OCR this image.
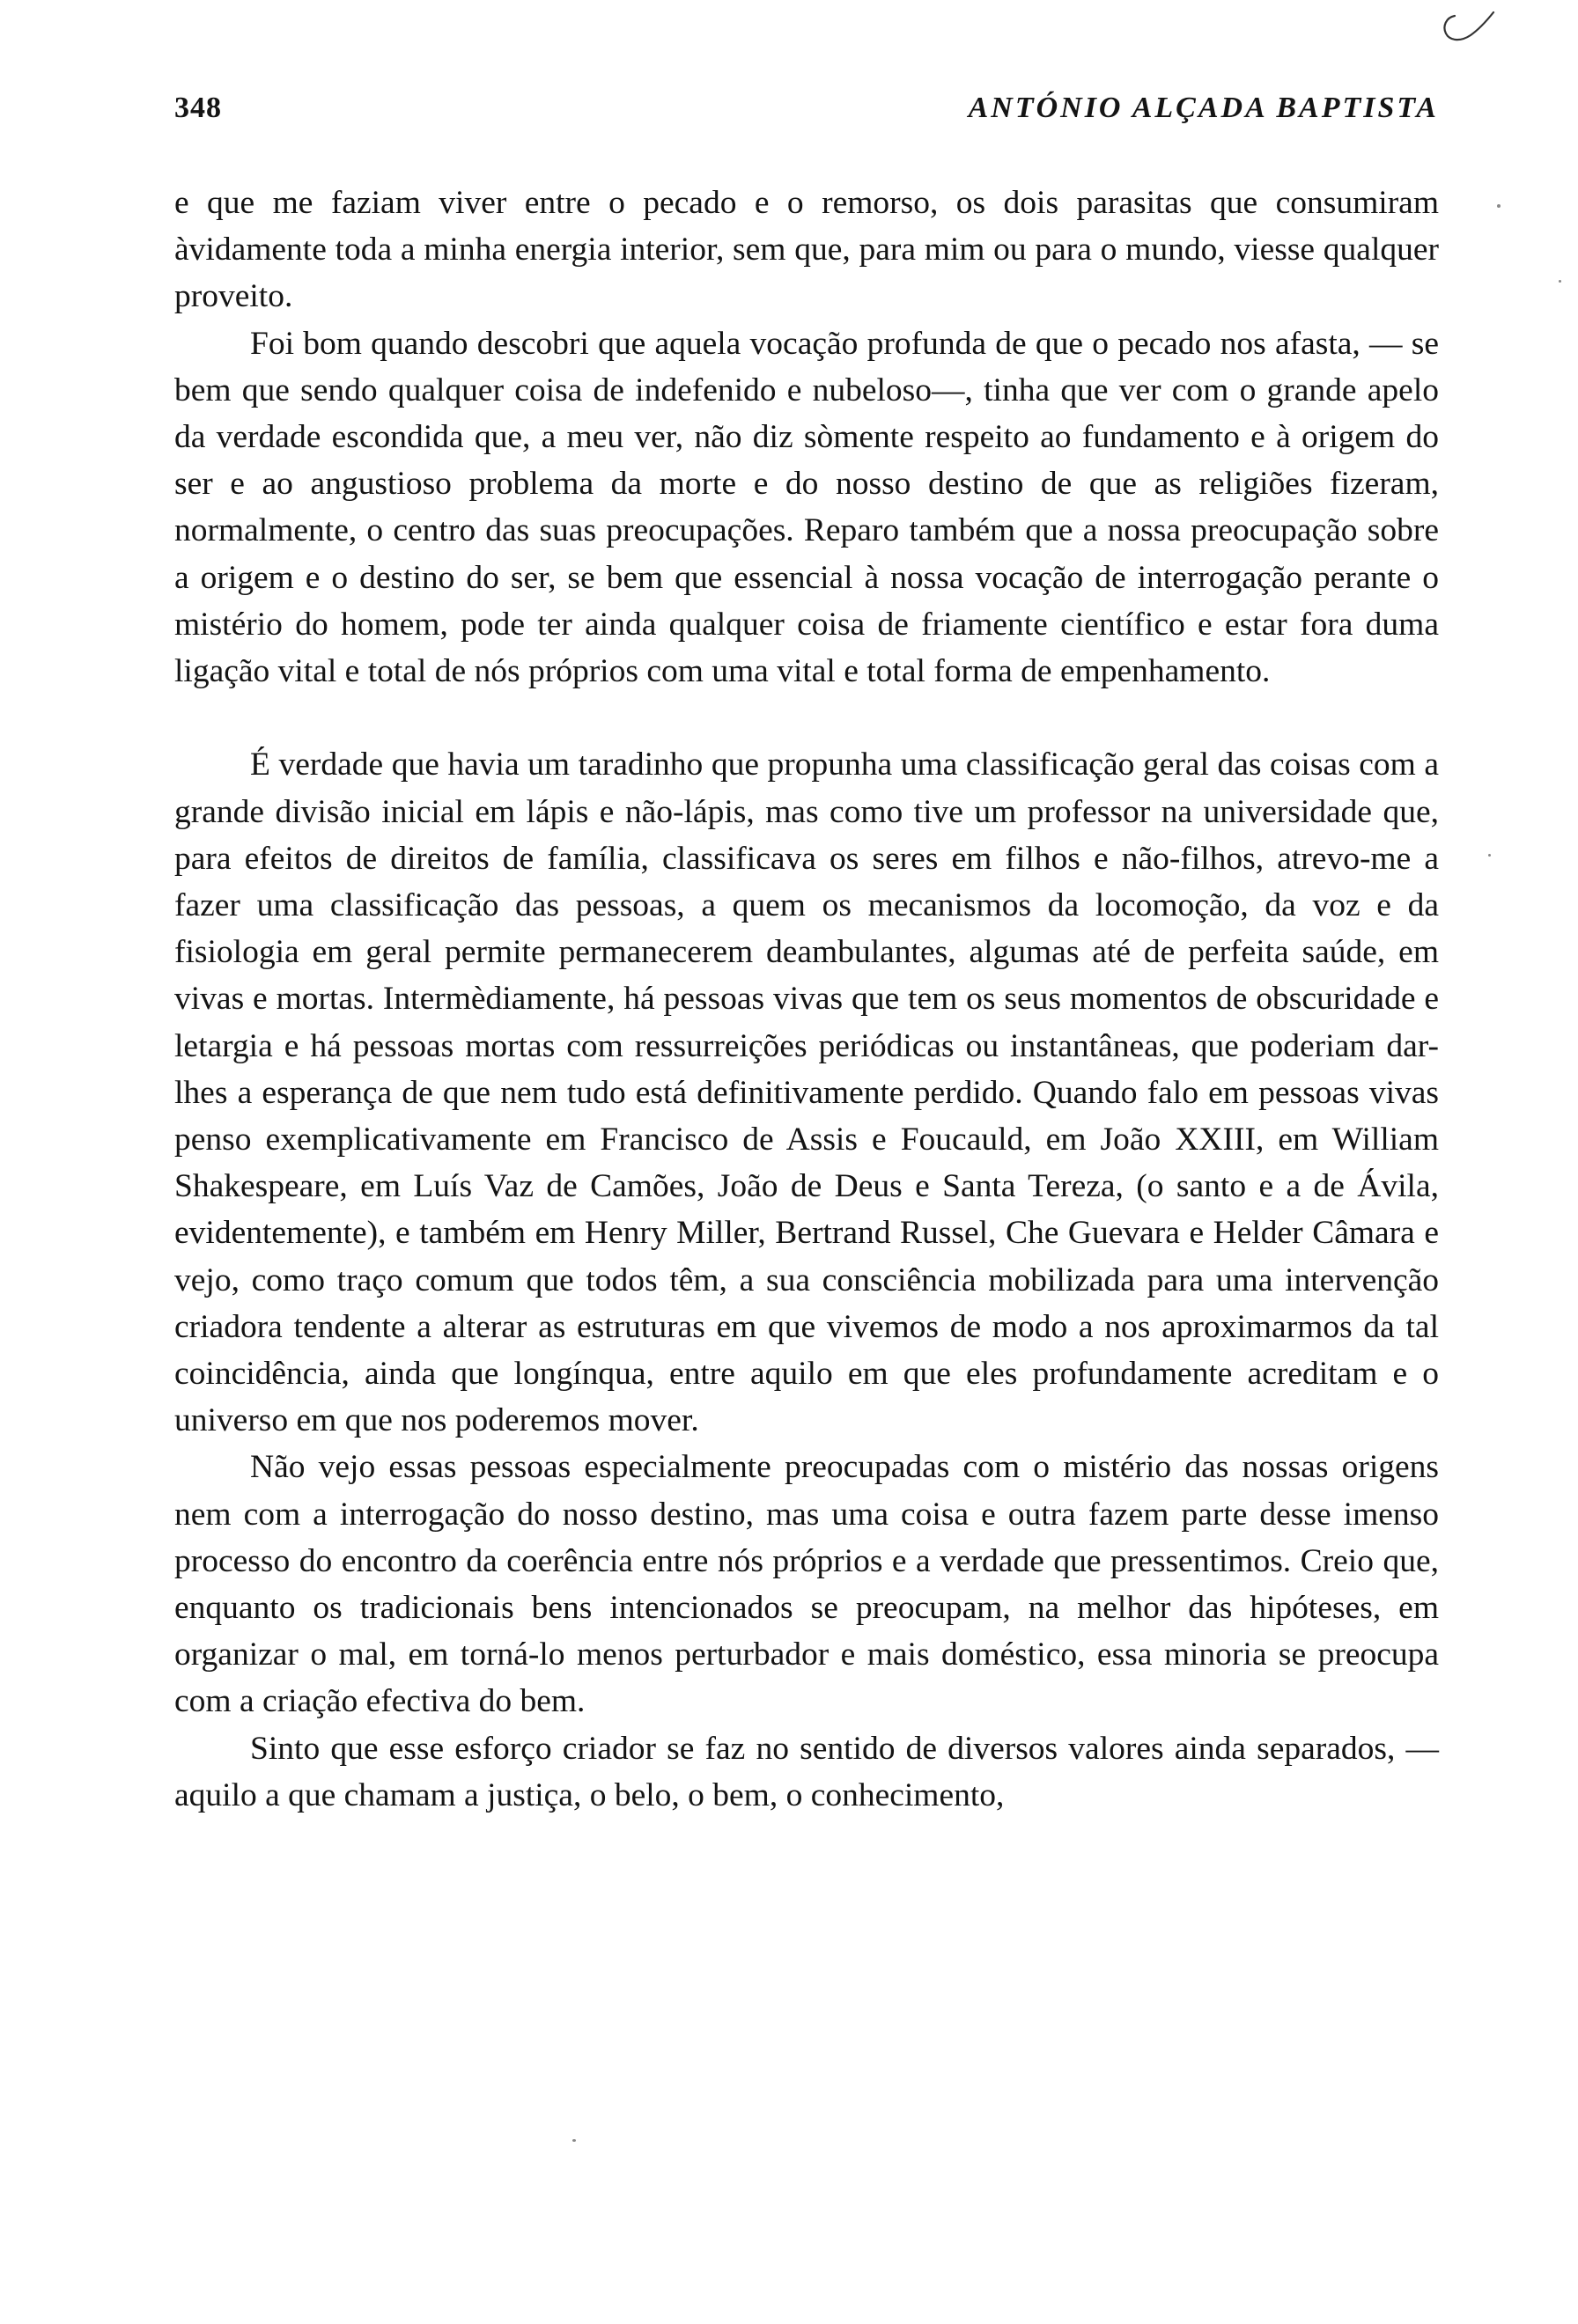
348	ANTÓNIO ALÇADA BAPTISTA

e que me faziam viver entre o pecado e o remorso, os dois parasitas que consumiram àvidamente toda a minha energia interior, sem que, para mim ou para o mundo, viesse qualquer proveito.

Foi bom quando descobri que aquela vocação profunda de que o pecado nos afasta, — se bem que sendo qualquer coisa de indefenido e nubeloso—, tinha que ver com o grande apelo da verdade escondida que, a meu ver, não diz sòmente respeito ao fundamento e à origem do ser e ao angustioso problema da morte e do nosso destino de que as religiões fizeram, normalmente, o centro das suas preocupações. Reparo também que a nossa preocupação sobre a origem e o destino do ser, se bem que essencial à nossa vocação de interrogação perante o mistério do homem, pode ter ainda qualquer coisa de friamente científico e estar fora duma ligação vital e total de nós próprios com uma vital e total forma de empenhamento.

É verdade que havia um taradinho que propunha uma classificação geral das coisas com a grande divisão inicial em lápis e não-lápis, mas como tive um professor na universidade que, para efeitos de direitos de família, classificava os seres em filhos e não-filhos, atrevo-me a fazer uma classificação das pessoas, a quem os mecanismos da locomoção, da voz e da fisiologia em geral permite permanecerem deambulantes, algumas até de perfeita saúde, em vivas e mortas. Intermèdiamente, há pessoas vivas que tem os seus momentos de obscuridade e letargia e há pessoas mortas com ressurreições periódicas ou instantâneas, que poderiam dar-lhes a esperança de que nem tudo está definitivamente perdido. Quando falo em pessoas vivas penso exemplicativamente em Francisco de Assis e Foucauld, em João XXIII, em William Shakespeare, em Luís Vaz de Camões, João de Deus e Santa Tereza, (o santo e a de Ávila, evidentemente), e também em Henry Miller, Bertrand Russel, Che Guevara e Helder Câmara e vejo, como traço comum que todos têm, a sua consciência mobilizada para uma intervenção criadora tendente a alterar as estruturas em que vivemos de modo a nos aproximarmos da tal coincidência, ainda que longínqua, entre aquilo em que eles profundamente acreditam e o universo em que nos poderemos mover.

Não vejo essas pessoas especialmente preocupadas com o mistério das nossas origens nem com a interrogação do nosso destino, mas uma coisa e outra fazem parte desse imenso processo do encontro da coerência entre nós próprios e a verdade que pressentimos. Creio que, enquanto os tradicionais bens intencionados se preocupam, na melhor das hipóteses, em organizar o mal, em torná-lo menos perturbador e mais doméstico, essa minoria se preocupa com a criação efectiva do bem.

Sinto que esse esforço criador se faz no sentido de diversos valores ainda separados, — aquilo a que chamam a justiça, o belo, o bem, o conhecimento,
